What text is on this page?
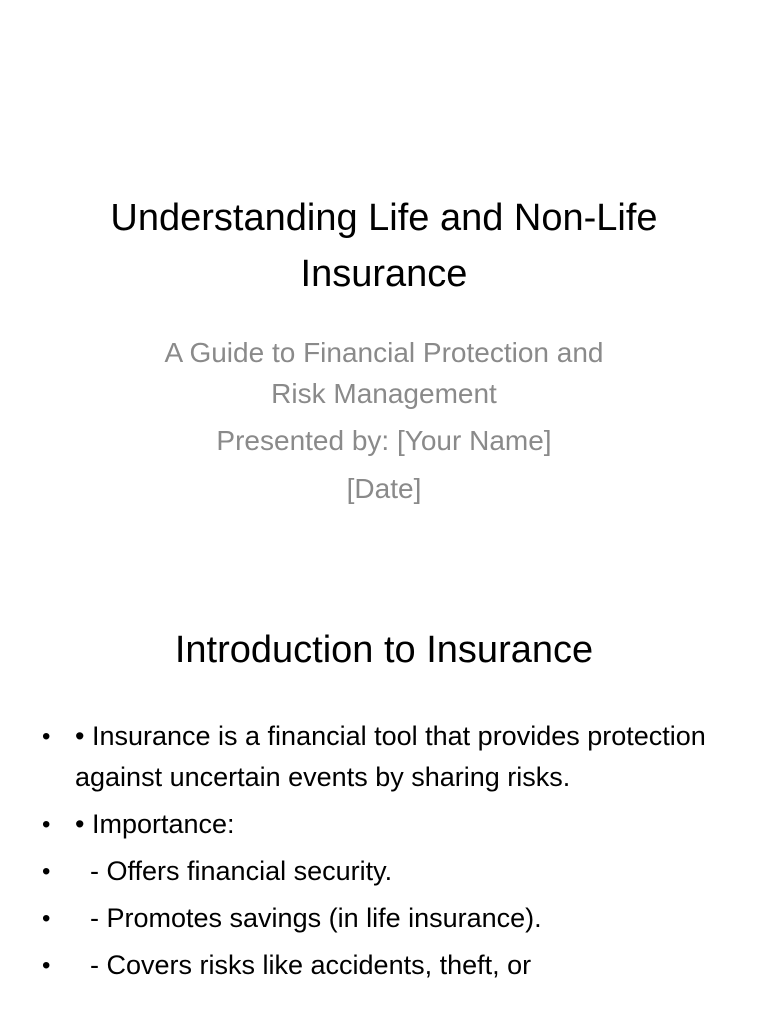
Understanding Life and Non-Life Insurance
A Guide to Financial Protection and
Risk Management
Presented by: [Your Name]
[Date]
Introduction to Insurance
• • Insurance is a financial tool that provides protection against uncertain events by sharing risks.
• • Importance:
• - Offers financial security.
• - Promotes savings (in life insurance).
• - Covers risks like accidents, theft, or
